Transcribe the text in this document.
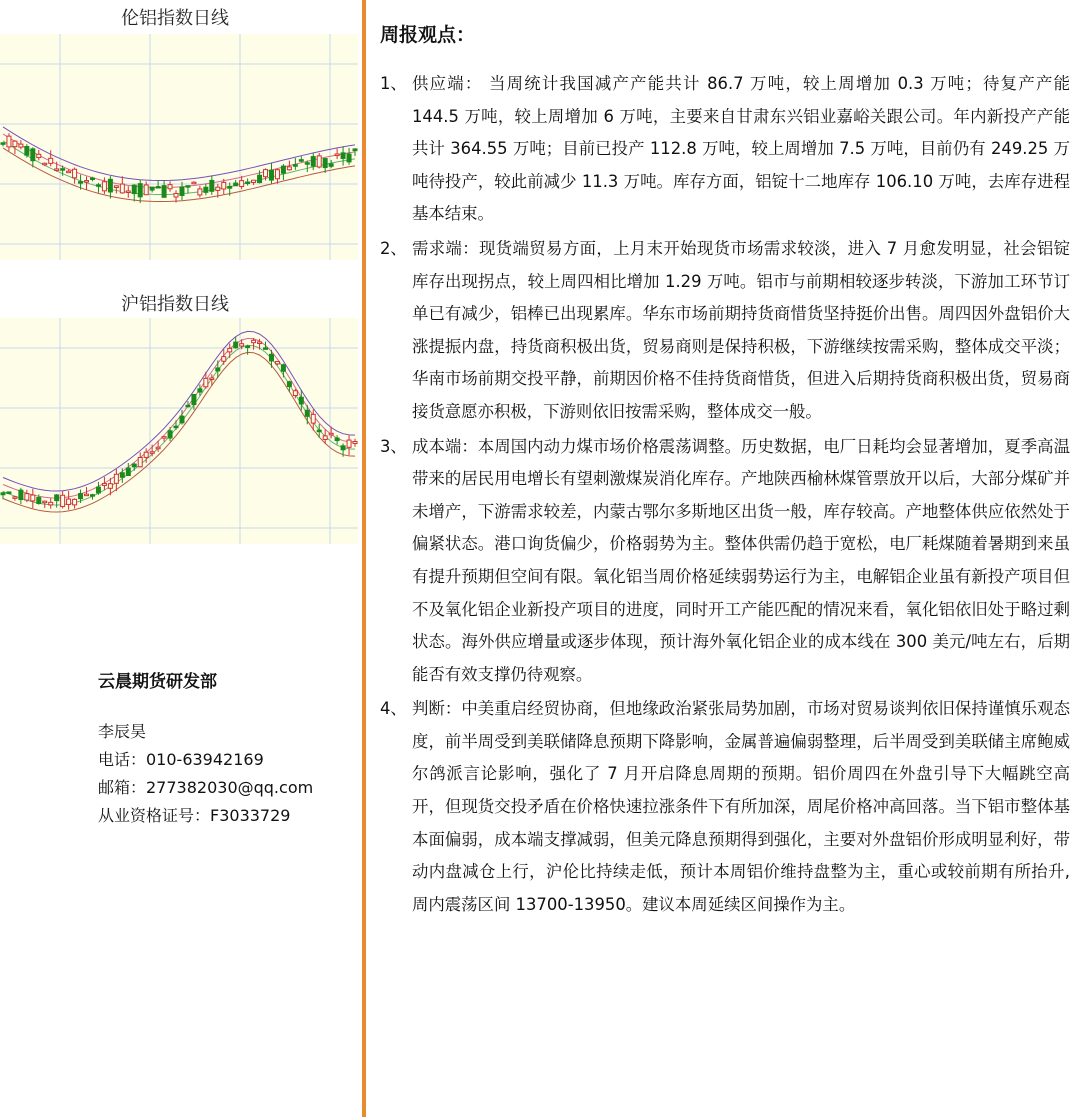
伦铝指数日线
沪铝指数日线
云晨期货研发部
李辰昊
电话：010-63942169
邮箱：277382030@qq.com
从业资格证号：F3033729
周报观点：
1、 供应端： 当周统计我国减产产能共计 86.7 万吨，较上周增加 0.3 万吨；待复产产能 144.5 万吨，较上周增加 6 万吨，主要来自甘肃东兴铝业嘉峪关跟公司。年内新投产产能共计 364.55 万吨；目前已投产 112.8 万吨，较上周增加 7.5 万吨，目前仍有 249.25 万吨待投产，较此前减少 11.3 万吨。库存方面，铝锭十二地库存 106.10 万吨，去库存进程基本结束。
2、 需求端：现货端贸易方面，上月末开始现货市场需求较淡，进入 7 月愈发明显，社会铝锭库存出现拐点，较上周四相比增加 1.29 万吨。铝市与前期相较逐步转淡，下游加工环节订单已有减少，铝棒已出现累库。华东市场前期持货商惜货坚持挺价出售。周四因外盘铝价大涨提振内盘，持货商积极出货，贸易商则是保持积极，下游继续按需采购，整体成交平淡；华南市场前期交投平静，前期因价格不佳持货商惜货，但进入后期持货商积极出货，贸易商接货意愿亦积极，下游则依旧按需采购，整体成交一般。
3、 成本端：本周国内动力煤市场价格震荡调整。历史数据，电厂日耗均会显著增加，夏季高温带来的居民用电增长有望刺激煤炭消化库存。产地陕西榆林煤管票放开以后，大部分煤矿并未增产，下游需求较差，内蒙古鄂尔多斯地区出货一般，库存较高。产地整体供应依然处于偏紧状态。港口询货偏少，价格弱势为主。整体供需仍趋于宽松，电厂耗煤随着暑期到来虽有提升预期但空间有限。氧化铝当周价格延续弱势运行为主，电解铝企业虽有新投产项目但不及氧化铝企业新投产项目的进度，同时开工产能匹配的情况来看，氧化铝依旧处于略过剩状态。海外供应增量或逐步体现，预计海外氧化铝企业的成本线在 300 美元/吨左右，后期能否有效支撑仍待观察。
4、 判断：中美重启经贸协商，但地缘政治紧张局势加剧，市场对贸易谈判依旧保持谨慎乐观态度，前半周受到美联储降息预期下降影响，金属普遍偏弱整理，后半周受到美联储主席鲍威尔鸽派言论影响，强化了 7 月开启降息周期的预期。铝价周四在外盘引导下大幅跳空高开，但现货交投矛盾在价格快速拉涨条件下有所加深，周尾价格冲高回落。当下铝市整体基本面偏弱，成本端支撑减弱，但美元降息预期得到强化，主要对外盘铝价形成明显利好，带动内盘减仓上行，沪伦比持续走低，预计本周铝价维持盘整为主，重心或较前期有所抬升,周内震荡区间 13700-13950。建议本周延续区间操作为主。
